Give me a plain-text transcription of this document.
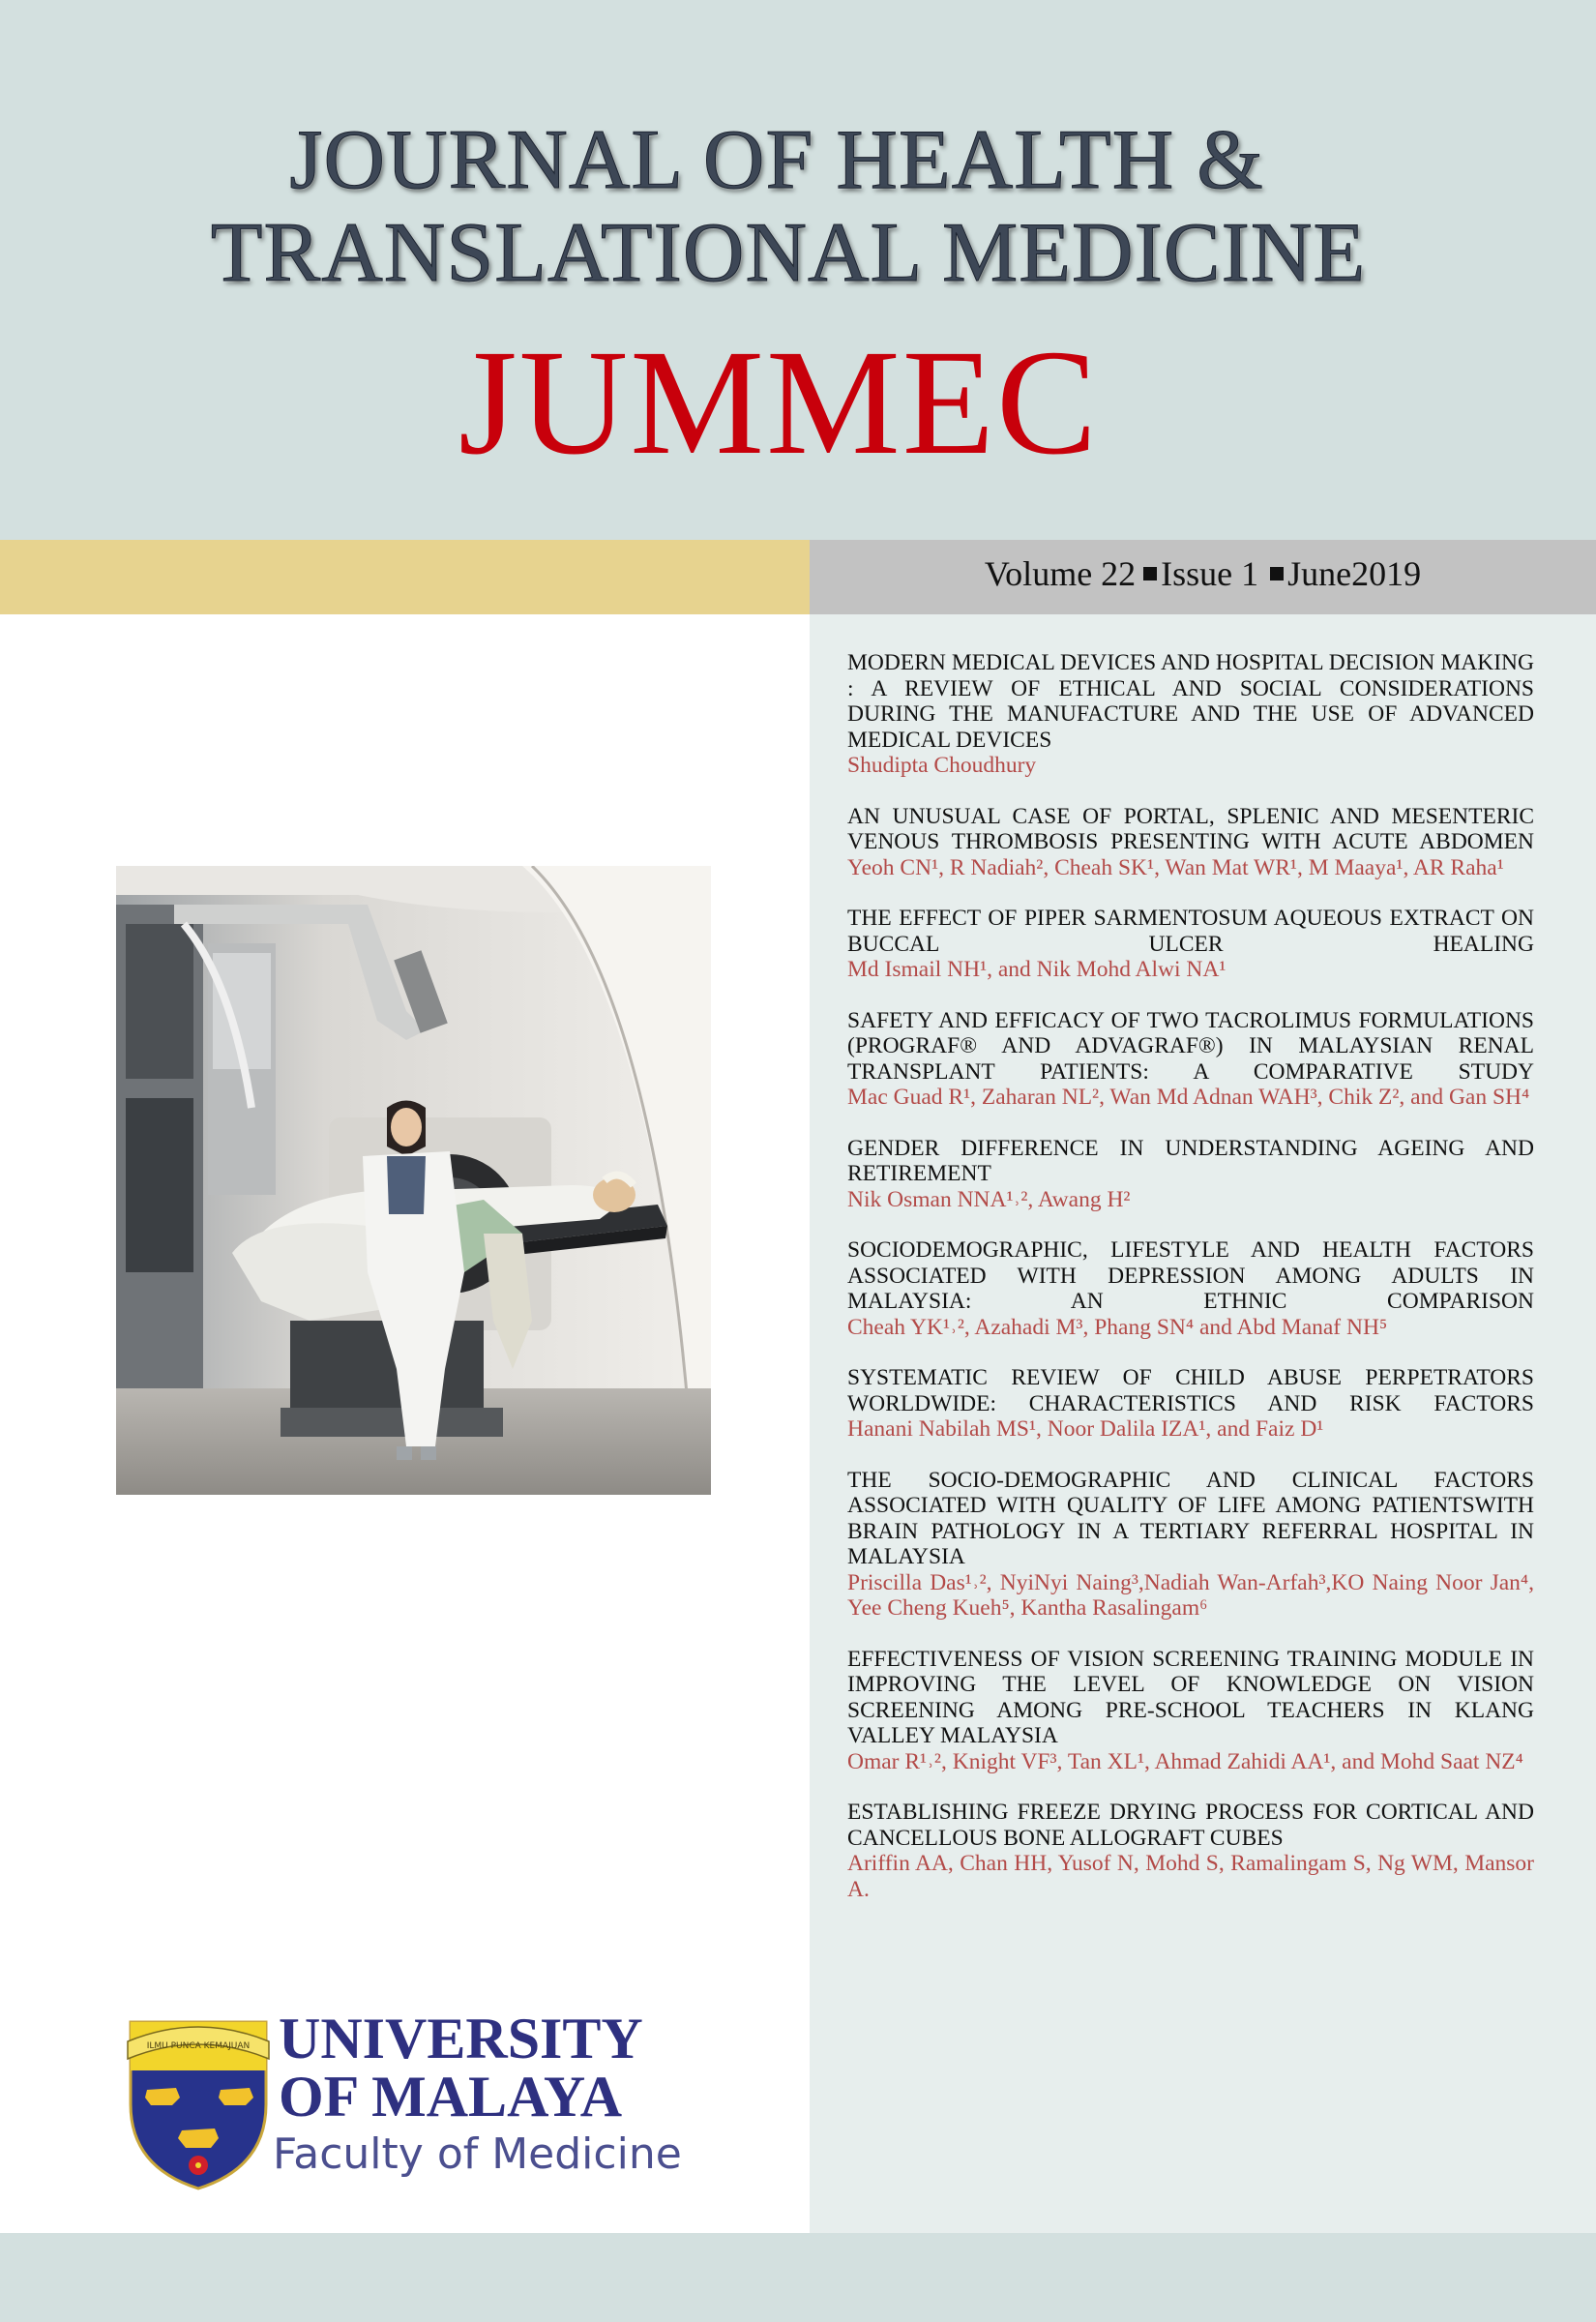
JOURNAL OF HEALTH &
TRANSLATIONAL MEDICINE
JUMMEC
Volume 22 Issue 1 June2019
ILMU PUNCA KEMAJUAN UNIVERSITY
OF MALAYA
Faculty of Medicine
MODERN MEDICAL DEVICES AND HOSPITAL DECISION MAKING : A REVIEW OF ETHICAL AND SOCIAL CONSIDERATIONS DURING THE MANUFACTURE AND THE USE OF ADVANCED MEDICAL DEVICES
Shudipta Choudhury
AN UNUSUAL CASE OF PORTAL, SPLENIC AND MESENTERIC VENOUS THROMBOSIS PRESENTING WITH ACUTE ABDOMEN
Yeoh CN¹, R Nadiah², Cheah SK¹, Wan Mat WR¹, M Maaya¹, AR Raha¹
THE EFFECT OF PIPER SARMENTOSUM AQUEOUS EXTRACT ON BUCCAL ULCER HEALING
Md Ismail NH¹, and Nik Mohd Alwi NA¹
SAFETY AND EFFICACY OF TWO TACROLIMUS FORMULATIONS (PROGRAF® AND ADVAGRAF®) IN MALAYSIAN RENAL TRANSPLANT PATIENTS: A COMPARATIVE STUDY
Mac Guad R¹, Zaharan NL², Wan Md Adnan WAH³, Chik Z², and Gan SH⁴
GENDER DIFFERENCE IN UNDERSTANDING AGEING AND RETIREMENT
Nik Osman NNA¹˒², Awang H²
SOCIODEMOGRAPHIC, LIFESTYLE AND HEALTH FACTORS ASSOCIATED WITH DEPRESSION AMONG ADULTS IN MALAYSIA: AN ETHNIC COMPARISON
Cheah YK¹˒², Azahadi M³, Phang SN⁴ and Abd Manaf NH⁵
SYSTEMATIC REVIEW OF CHILD ABUSE PERPETRATORS WORLDWIDE: CHARACTERISTICS AND RISK FACTORS
Hanani Nabilah MS¹, Noor Dalila IZA¹, and Faiz D¹
THE SOCIO-DEMOGRAPHIC AND CLINICAL FACTORS ASSOCIATED WITH QUALITY OF LIFE AMONG PATIENTSWITH BRAIN PATHOLOGY IN A TERTIARY REFERRAL HOSPITAL IN MALAYSIA
Priscilla Das¹˒², NyiNyi Naing³,Nadiah Wan-Arfah³,KO Naing Noor Jan⁴, Yee Cheng Kueh⁵, Kantha Rasalingam⁶
EFFECTIVENESS OF VISION SCREENING TRAINING MODULE IN IMPROVING THE LEVEL OF KNOWLEDGE ON VISION SCREENING AMONG PRE-SCHOOL TEACHERS IN KLANG VALLEY MALAYSIA
Omar R¹˒², Knight VF³, Tan XL¹, Ahmad Zahidi AA¹, and Mohd Saat NZ⁴
ESTABLISHING FREEZE DRYING PROCESS FOR CORTICAL AND CANCELLOUS BONE ALLOGRAFT CUBES
Ariffin AA, Chan HH, Yusof N, Mohd S, Ramalingam S, Ng WM, Mansor A.
